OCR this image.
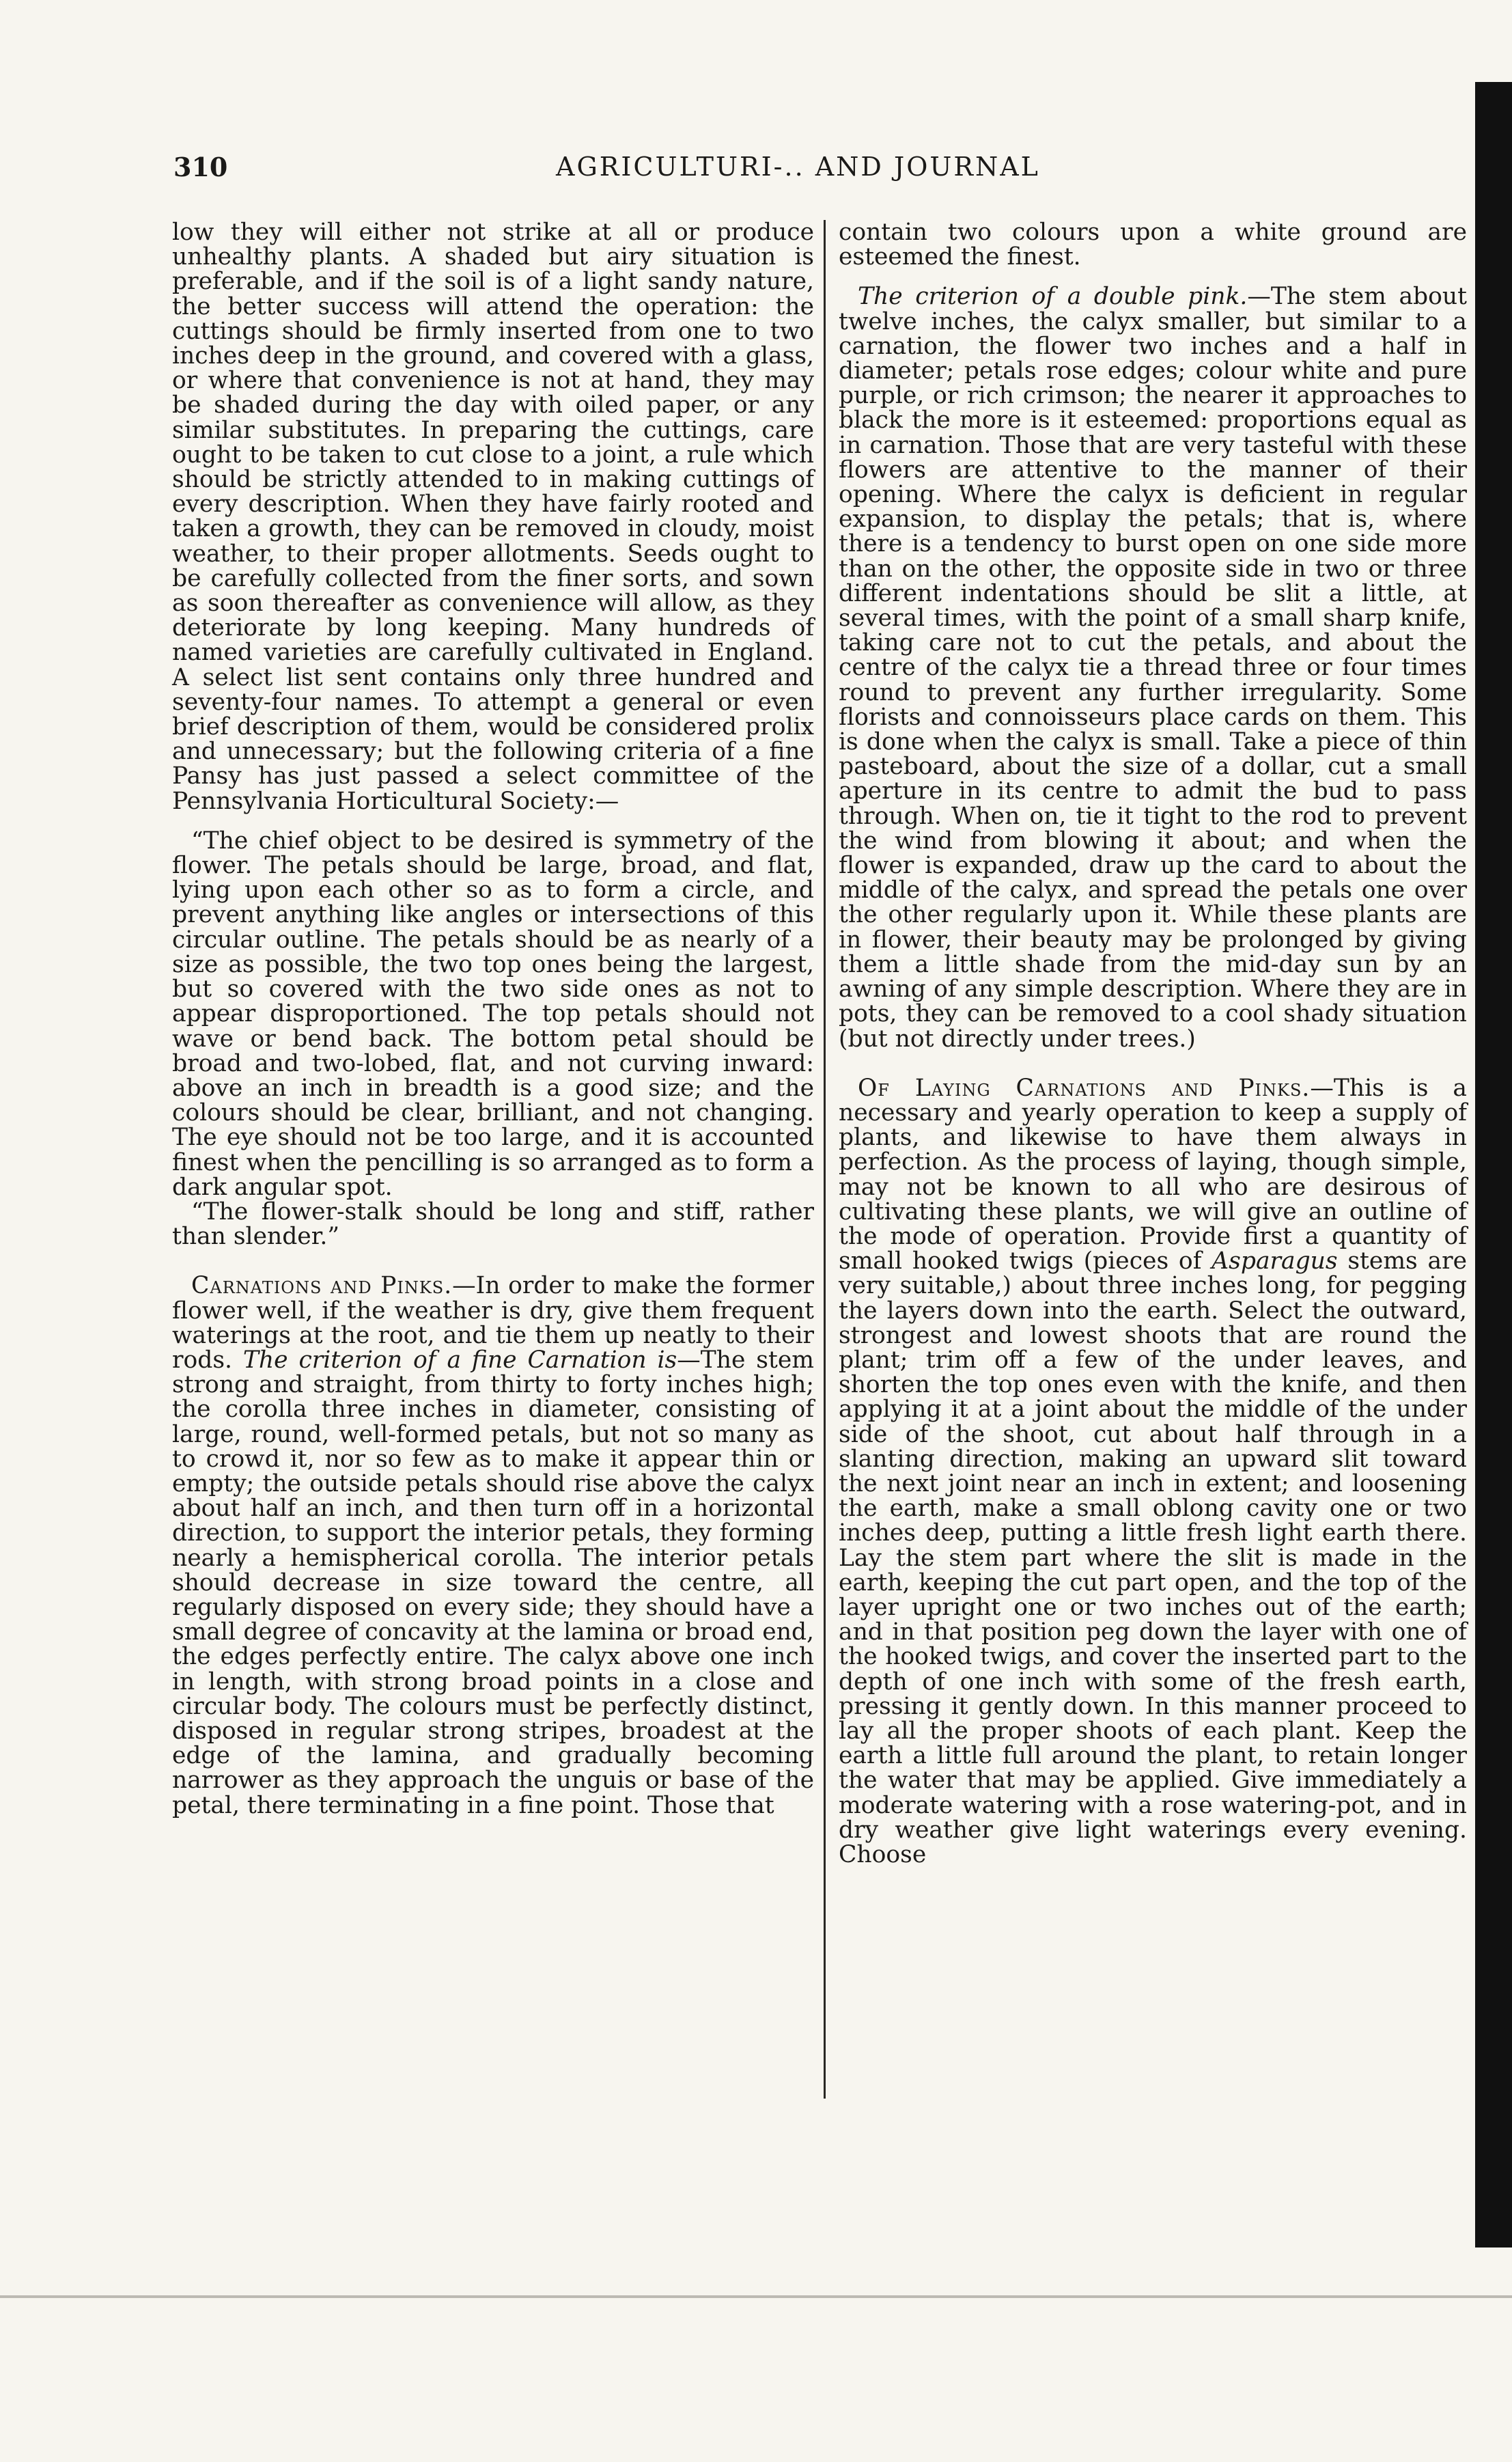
310	AGRICULTURI-.. AND JOURNAL

low they will either not strike at all or produce unhealthy plants. A shaded but airy situation is preferable, and if the soil is of a light sandy nature, the better success will attend the operation: the cuttings should be firmly inserted from one to two inches deep in the ground, and covered with a glass, or where that convenience is not at hand, they may be shaded during the day with oiled paper, or any similar substitutes. In preparing the cuttings, care ought to be taken to cut close to a joint, a rule which should be strictly attended to in making cuttings of every description. When they have fairly rooted and taken a growth, they can be removed in cloudy, moist weather, to their proper allotments. Seeds ought to be carefully collected from the finer sorts, and sown as soon thereafter as convenience will allow, as they deteriorate by long keeping. Many hundreds of named varieties are carefully cultivated in England. A select list sent contains only three hundred and seventy-four names. To attempt a general or even brief description of them, would be considered prolix and unnecessary; but the following criteria of a fine Pansy has just passed a select committee of the Pennsylvania Horticultural Society:—

“The chief object to be desired is symmetry of the flower. The petals should be large, broad, and flat, lying upon each other so as to form a circle, and prevent anything like angles or intersections of this circular outline. The petals should be as nearly of a size as possible, the two top ones being the largest, but so covered with the two side ones as not to appear disproportioned. The top petals should not wave or bend back. The bottom petal should be broad and two-lobed, flat, and not curving inward: above an inch in breadth is a good size; and the colours should be clear, brilliant, and not changing. The eye should not be too large, and it is accounted finest when the pencilling is so arranged as to form a dark angular spot.

“The flower-stalk should be long and stiff, rather than slender.”

Carnations and Pinks.—In order to make the former flower well, if the weather is dry, give them frequent waterings at the root, and tie them up neatly to their rods. The criterion of a fine Carnation is—The stem strong and straight, from thirty to forty inches high; the corolla three inches in diameter, consisting of large, round, well-formed petals, but not so many as to crowd it, nor so few as to make it appear thin or empty; the outside petals should rise above the calyx about half an inch, and then turn off in a horizontal direction, to support the interior petals, they forming nearly a hemispherical corolla. The interior petals should decrease in size toward the centre, all regularly disposed on every side; they should have a small degree of concavity at the lamina or broad end, the edges perfectly entire. The calyx above one inch in length, with strong broad points in a close and circular body. The colours must be perfectly distinct, disposed in regular strong stripes, broadest at the edge of the lamina, and gradually becoming narrower as they approach the unguis or base of the petal, there terminating in a fine point. Those that

contain two colours upon a white ground are esteemed the finest.

The criterion of a double pink.—The stem about twelve inches, the calyx smaller, but similar to a carnation, the flower two inches and a half in diameter; petals rose edges; colour white and pure purple, or rich crimson; the nearer it approaches to black the more is it esteemed: proportions equal as in carnation. Those that are very tasteful with these flowers are attentive to the manner of their opening. Where the calyx is deficient in regular expansion, to display the petals; that is, where there is a tendency to burst open on one side more than on the other, the opposite side in two or three different indentations should be slit a little, at several times, with the point of a small sharp knife, taking care not to cut the petals, and about the centre of the calyx tie a thread three or four times round to prevent any further irregularity. Some florists and connoisseurs place cards on them. This is done when the calyx is small. Take a piece of thin pasteboard, about the size of a dollar, cut a small aperture in its centre to admit the bud to pass through. When on, tie it tight to the rod to prevent the wind from blowing it about; and when the flower is expanded, draw up the card to about the middle of the calyx, and spread the petals one over the other regularly upon it. While these plants are in flower, their beauty may be prolonged by giving them a little shade from the mid-day sun by an awning of any simple description. Where they are in pots, they can be removed to a cool shady situation (but not directly under trees.)

Of Laying Carnations and Pinks.—This is a necessary and yearly operation to keep a supply of plants, and likewise to have them always in perfection. As the process of laying, though simple, may not be known to all who are desirous of cultivating these plants, we will give an outline of the mode of operation. Provide first a quantity of small hooked twigs (pieces of Asparagus stems are very suitable,) about three inches long, for pegging the layers down into the earth. Select the outward, strongest and lowest shoots that are round the plant; trim off a few of the under leaves, and shorten the top ones even with the knife, and then applying it at a joint about the middle of the under side of the shoot, cut about half through in a slanting direction, making an upward slit toward the next joint near an inch in extent; and loosening the earth, make a small oblong cavity one or two inches deep, putting a little fresh light earth there. Lay the stem part where the slit is made in the earth, keeping the cut part open, and the top of the layer upright one or two inches out of the earth; and in that position peg down the layer with one of the hooked twigs, and cover the inserted part to the depth of one inch with some of the fresh earth, pressing it gently down. In this manner proceed to lay all the proper shoots of each plant. Keep the earth a little full around the plant, to retain longer the water that may be applied. Give immediately a moderate watering with a rose watering-pot, and in dry weather give light waterings every evening. Choose
